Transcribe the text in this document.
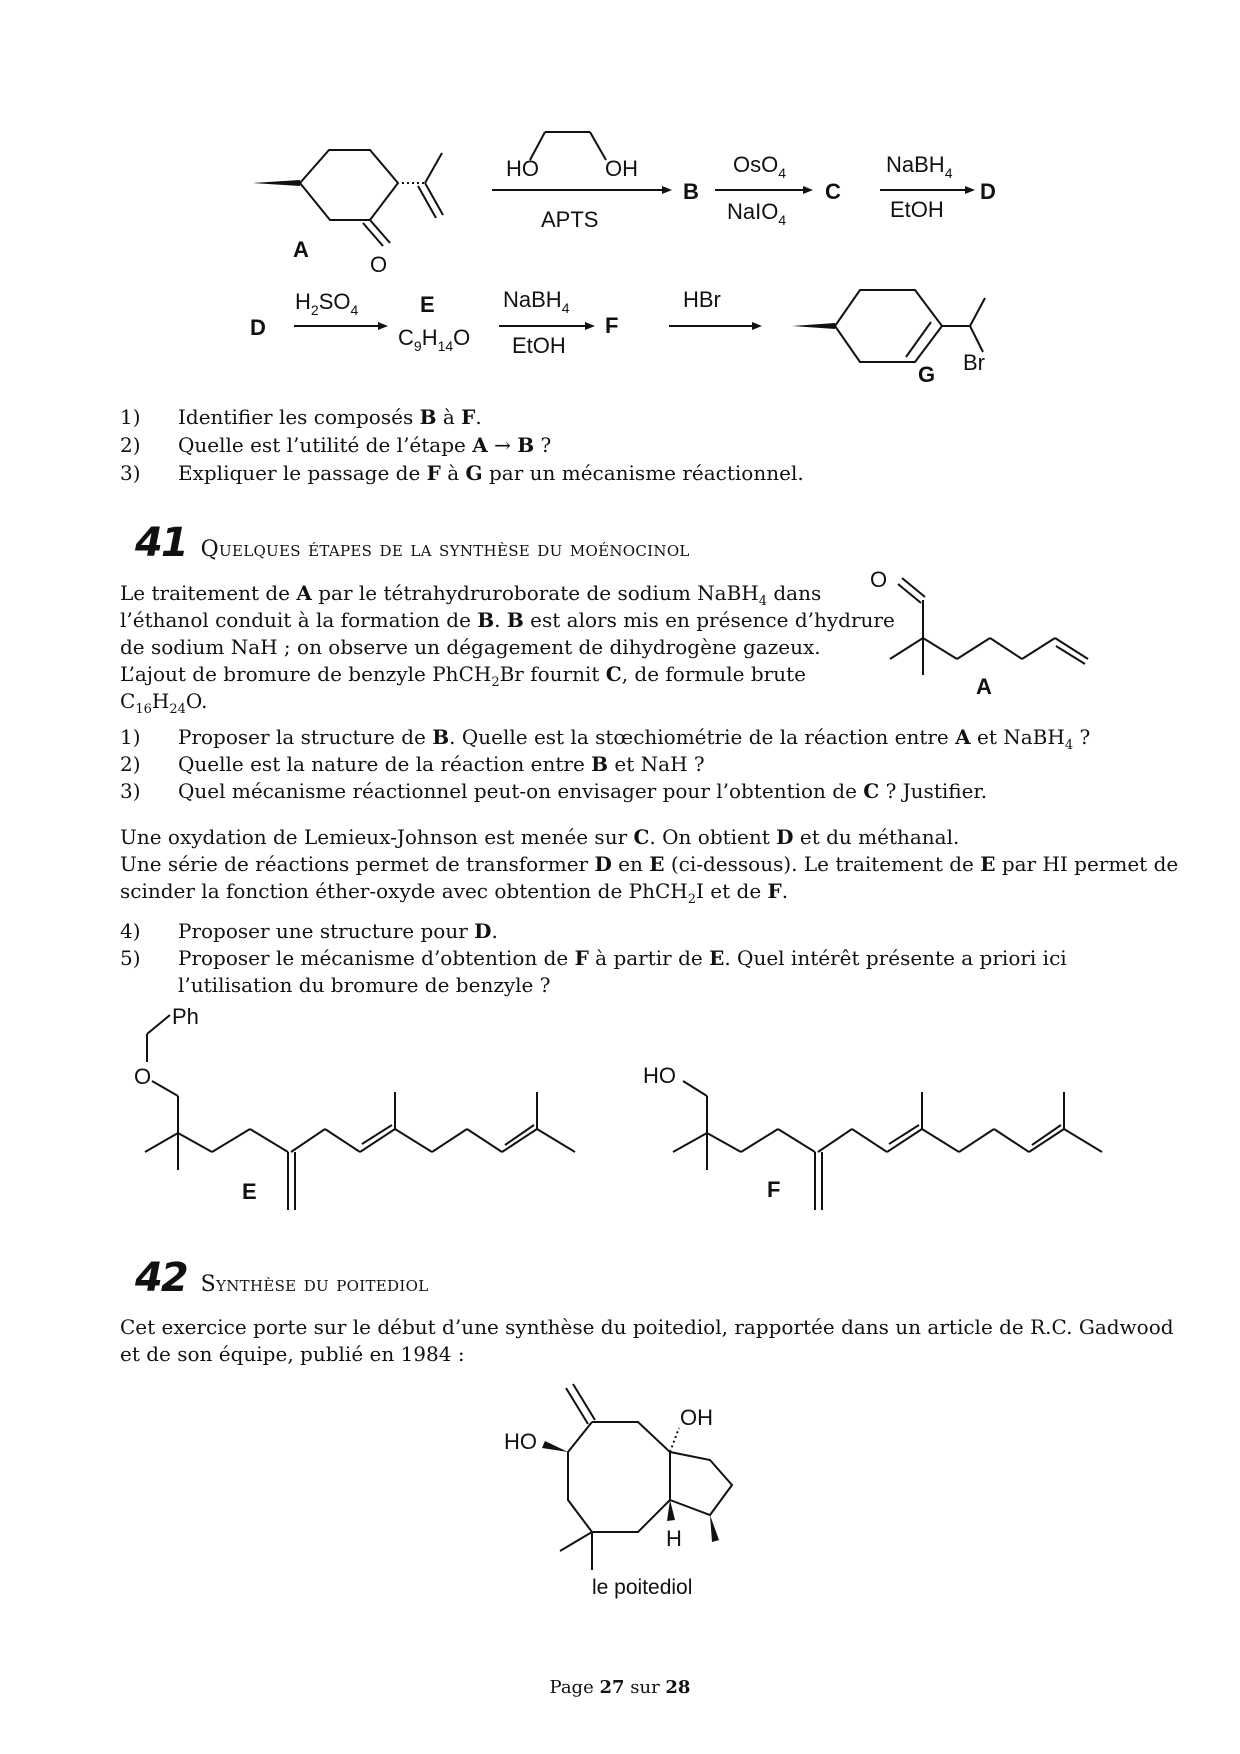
A
O
HO	OH
APTS
B
OsO$_4$
NaIO$_4$
C
NaBH$_4$
EtOH
D
D
$H_2SO_4$	E
$C_9H_{14}O$
NaBH$_4$
EtOH
F
HBr
Br
G
1)	Identifier les composés B à F.
2)	Quelle est l’utilité de l’étape A → B ?
3)	Expliquer le passage de F à G par un mécanisme réactionnel.
41 Quelques étapes de la synthèse du moénocinol
Le traitement de A par le tétrahydruroborate de sodium NaBH$_4$ dans
l’éthanol conduit à la formation de B. B est alors mis en présence d’hydrure
de sodium NaH ; on observe un dégagement de dihydrogène gazeux.
L’ajout de bromure de benzyle PhCH$_2$Br fournit C, de formule brute
$C_{16}H_{24}O$.
O
A
1)	Proposer la structure de B. Quelle est la stœchiométrie de la réaction entre A et NaBH$_4$ ?
2)	Quelle est la nature de la réaction entre B et NaH ?
3)	Quel mécanisme réactionnel peut-on envisager pour l’obtention de C ? Justifier.
Une oxydation de Lemieux-Johnson est menée sur C. On obtient D et du méthanal.
Une série de réactions permet de transformer D en E (ci-dessous). Le traitement de E par HI permet de
scinder la fonction éther-oxyde avec obtention de PhCH$_2$I et de F.
4)	Proposer une structure pour D.
5)	Proposer le mécanisme d’obtention de F à partir de E. Quel intérêt présente a priori ici
l’utilisation du bromure de benzyle ?
Ph
O
E
HO
F
42 Synthèse du poitediol
Cet exercice porte sur le début d’une synthèse du poitediol, rapportée dans un article de R.C. Gadwood
et de son équipe, publié en 1984 :
OH
HO
H
le poitediol
Page 27 sur 28
